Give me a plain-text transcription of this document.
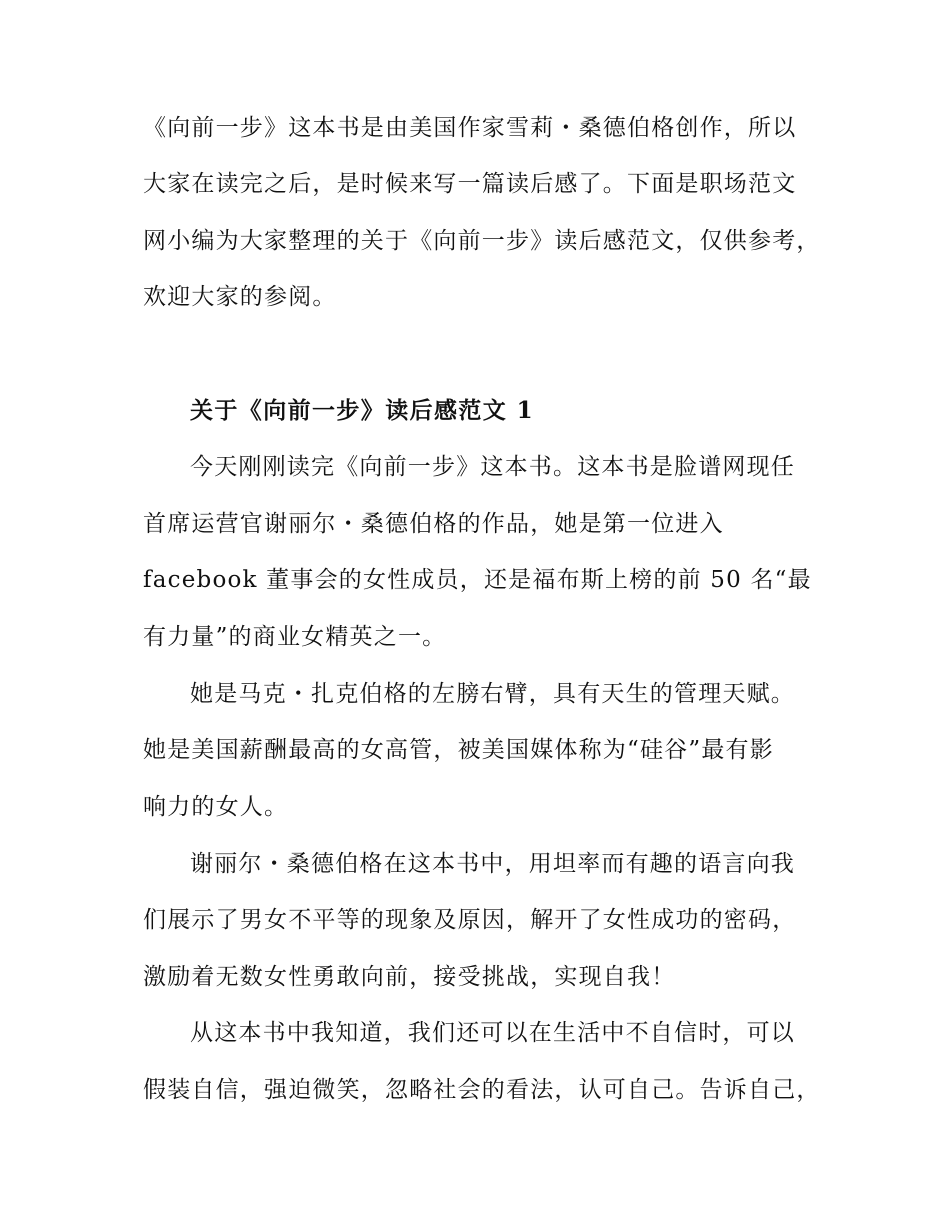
《向前一步》这本书是由美国作家雪莉・桑德伯格创作，所以
大家在读完之后，是时候来写一篇读后感了。下面是职场范文
网小编为大家整理的关于《向前一步》读后感范文，仅供参考，
欢迎大家的参阅。
关于《向前一步》读后感范文 1
今天刚刚读完《向前一步》这本书。这本书是脸谱网现任
首席运营官谢丽尔・桑德伯格的作品，她是第一位进入
facebook 董事会的女性成员，还是福布斯上榜的前 50 名“最
有力量”的商业女精英之一。
她是马克・扎克伯格的左膀右臂，具有天生的管理天赋。
她是美国薪酬最高的女高管，被美国媒体称为“硅谷”最有影
响力的女人。
谢丽尔・桑德伯格在这本书中，用坦率而有趣的语言向我
们展示了男女不平等的现象及原因，解开了女性成功的密码，
激励着无数女性勇敢向前，接受挑战，实现自我！
从这本书中我知道，我们还可以在生活中不自信时，可以
假装自信，强迫微笑，忽略社会的看法，认可自己。告诉自己，
